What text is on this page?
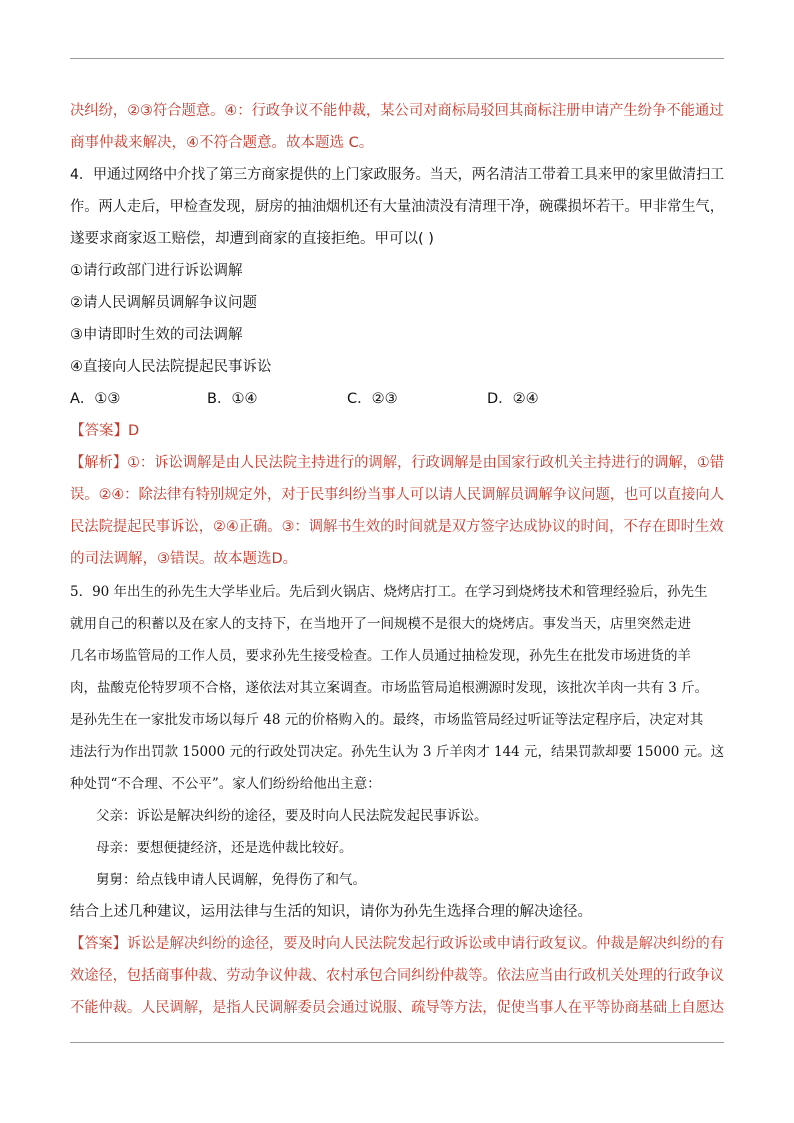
决纠纷，②③符合题意。④：行政争议不能仲裁，某公司对商标局驳回其商标注册申请产生纷争不能通过
商事仲裁来解决，④不符合题意。故本题选 C。
4．甲通过网络中介找了第三方商家提供的上门家政服务。当天，两名清洁工带着工具来甲的家里做清扫工
作。两人走后，甲检查发现，厨房的抽油烟机还有大量油渍没有清理干净，碗碟损坏若干。甲非常生气，
遂要求商家返工赔偿，却遭到商家的直接拒绝。甲可以( )
①请行政部门进行诉讼调解
②请人民调解员调解争议问题
③申请即时生效的司法调解
④直接向人民法院提起民事诉讼
A．①③	B．①④	C．②③	D．②④
【答案】D
【解析】①：诉讼调解是由人民法院主持进行的调解，行政调解是由国家行政机关主持进行的调解，①错
误。②④：除法律有特别规定外，对于民事纠纷当事人可以请人民调解员调解争议问题，也可以直接向人
民法院提起民事诉讼，②④正确。③：调解书生效的时间就是双方签字达成协议的时间，不存在即时生效
的司法调解，③错误。故本题选D。
5．90 年出生的孙先生大学毕业后。先后到火锅店、烧烤店打工。在学习到烧烤技术和管理经验后，孙先生
就用自己的积蓄以及在家人的支持下，在当地开了一间规模不是很大的烧烤店。事发当天，店里突然走进
几名市场监管局的工作人员，要求孙先生接受检查。工作人员通过抽检发现，孙先生在批发市场进货的羊
肉，盐酸克伦特罗项不合格，遂依法对其立案调查。市场监管局追根溯源时发现，该批次羊肉一共有 3 斤。
是孙先生在一家批发市场以每斤 48 元的价格购入的。最终，市场监管局经过听证等法定程序后，决定对其
违法行为作出罚款 15000 元的行政处罚决定。孙先生认为 3 斤羊肉才 144 元，结果罚款却要 15000 元。这
种处罚“不合理、不公平”。家人们纷纷给他出主意：
父亲：诉讼是解决纠纷的途径，要及时向人民法院发起民事诉讼。
母亲：要想便捷经济，还是选仲裁比较好。
舅舅：给点钱申请人民调解，免得伤了和气。
结合上述几种建议，运用法律与生活的知识，请你为孙先生选择合理的解决途径。
【答案】诉讼是解决纠纷的途径，要及时向人民法院发起行政诉讼或申请行政复议。仲裁是解决纠纷的有
效途径，包括商事仲裁、劳动争议仲裁、农村承包合同纠纷仲裁等。依法应当由行政机关处理的行政争议
不能仲裁。人民调解，是指人民调解委员会通过说服、疏导等方法，促使当事人在平等协商基础上自愿达
